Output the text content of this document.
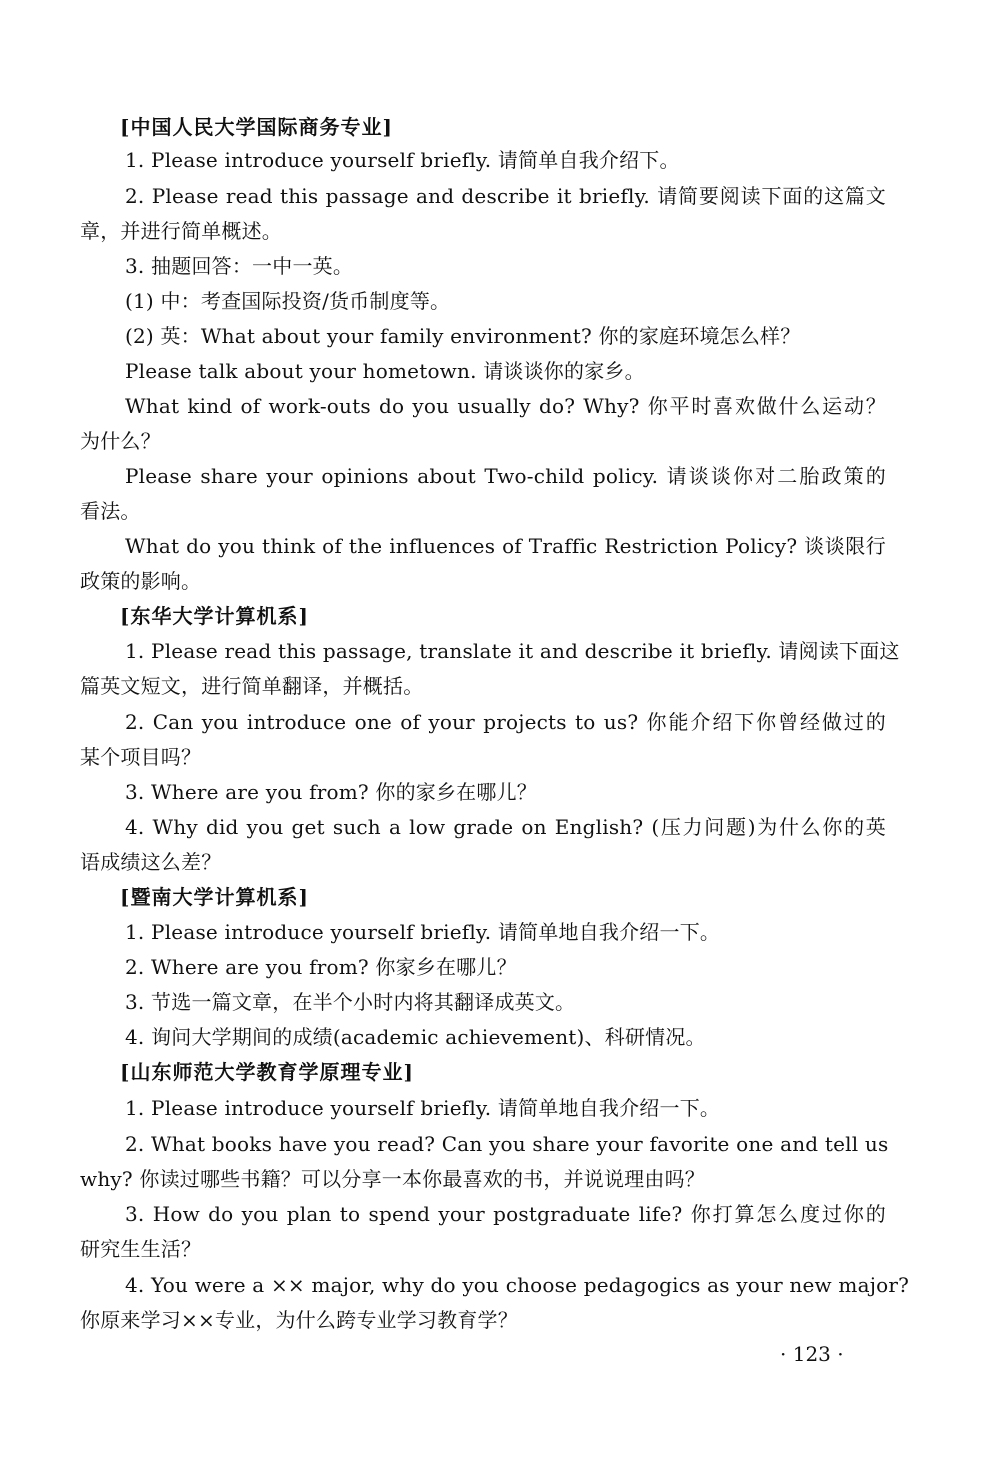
[中国人民大学国际商务专业]

1. Please introduce yourself briefly. 请简单自我介绍下。

2. Please read this passage and describe it briefly. 请简要阅读下面的这篇文

章，并进行简单概述。

3. 抽题回答：一中一英。

(1) 中：考查国际投资/货币制度等。

(2) 英：What about your family environment? 你的家庭环境怎么样？

Please talk about your hometown. 请谈谈你的家乡。

What kind of work-outs do you usually do? Why? 你平时喜欢做什么运动？

为什么？

Please share your opinions about Two-child policy. 请谈谈你对二胎政策的

看法。

What do you think of the influences of Traffic Restriction Policy? 谈谈限行

政策的影响。

[东华大学计算机系]

1. Please read this passage, translate it and describe it briefly. 请阅读下面这

篇英文短文，进行简单翻译，并概括。

2. Can you introduce one of your projects to us? 你能介绍下你曾经做过的

某个项目吗？

3. Where are you from? 你的家乡在哪儿？

4. Why did you get such a low grade on English? (压力问题)为什么你的英

语成绩这么差？

[暨南大学计算机系]

1. Please introduce yourself briefly. 请简单地自我介绍一下。

2. Where are you from? 你家乡在哪儿？

3. 节选一篇文章，在半个小时内将其翻译成英文。

4. 询问大学期间的成绩(academic achievement)、科研情况。

[山东师范大学教育学原理专业]

1. Please introduce yourself briefly. 请简单地自我介绍一下。

2. What books have you read? Can you share your favorite one and tell us

why? 你读过哪些书籍？可以分享一本你最喜欢的书，并说说理由吗？

3. How do you plan to spend your postgraduate life? 你打算怎么度过你的

研究生生活？

4. You were a ×× major, why do you choose pedagogics as your new major?

你原来学习××专业，为什么跨专业学习教育学？

· 123 ·
